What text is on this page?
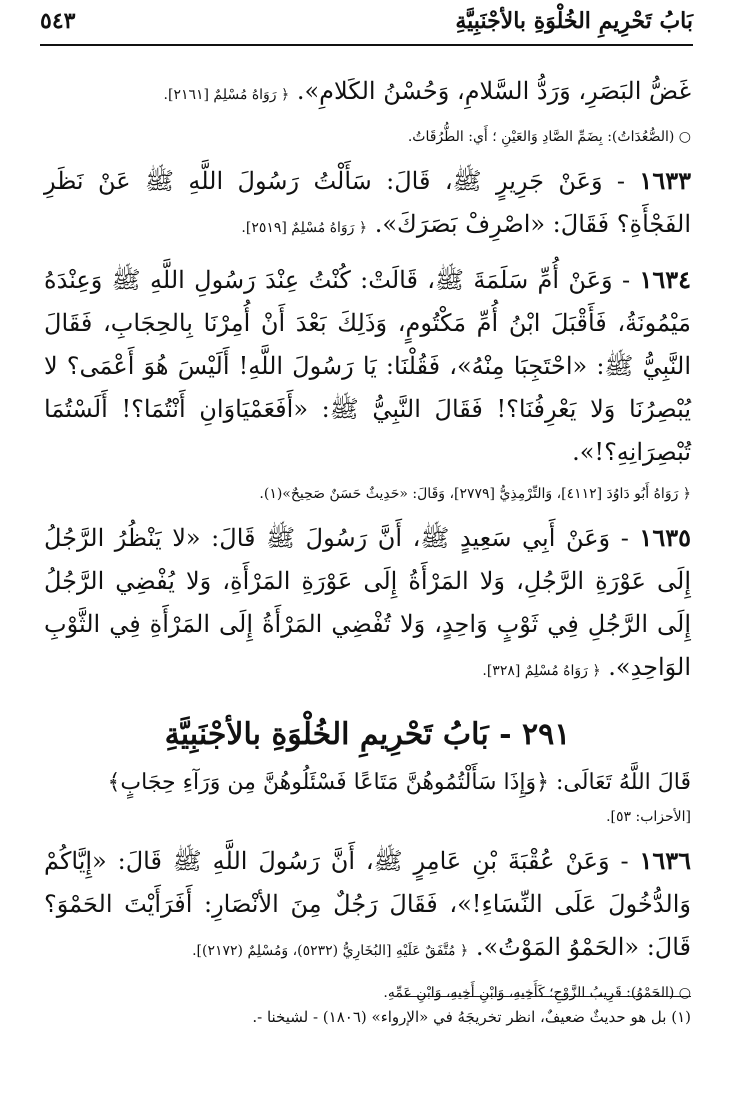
بَابُ تَحْرِيمِ الخُلْوَةِ بالأجْنَبِيَّةِ
٥٤٣

غَضُّ البَصَرِ، وَرَدُّ السَّلامِ، وَحُسْنُ الكَلامِ». ﴿ رَوَاهُ مُسْلِمٌ [٢١٦١].

○ (الصُّعُدَاتُ): بِضَمِّ الصَّادِ وَالعَيْنِ ؛ أَي: الطُّرُقَاتُ.

١٦٣٣ - وَعَنْ جَرِيرٍ ﷺ، قَالَ: سَأَلْتُ رَسُولَ اللَّهِ ﷺ عَنْ نَظَرِ الفَجْأَةِ؟ فَقَالَ: «اصْرِفْ بَصَرَكَ». ﴿ رَوَاهُ مُسْلِمٌ [٢٥١٩].

١٦٣٤ - وَعَنْ أُمِّ سَلَمَةَ ﷺ، قَالَتْ: كُنْتُ عِنْدَ رَسُولِ اللَّهِ ﷺ وَعِنْدَهُ مَيْمُونَةُ، فَأَقْبَلَ ابْنُ أُمِّ مَكْتُومٍ، وَذَلِكَ بَعْدَ أَنْ أُمِرْنَا بِالحِجَابِ، فَقَالَ النَّبِيُّ ﷺ: «احْتَجِبَا مِنْهُ»، فَقُلْنَا: يَا رَسُولَ اللَّهِ! أَلَيْسَ هُوَ أَعْمَى؟ لا يُبْصِرُنَا وَلا يَعْرِفُنَا؟! فَقَالَ النَّبِيُّ ﷺ: «أَفَعَمْيَاوَانِ أَنْتُمَا؟! أَلَسْتُمَا تُبْصِرَانِهِ؟!».

﴿ رَوَاهُ أَبُو دَاوُدَ [٤١١٢]، وَالتِّرْمِذِيُّ [٢٧٧٩]، وَقَالَ: «حَدِيثٌ حَسَنٌ صَحِيحٌ»(١).

١٦٣٥ - وَعَنْ أَبِي سَعِيدٍ ﷺ، أَنَّ رَسُولَ ﷺ قَالَ: «لا يَنْظُرُ الرَّجُلُ إِلَى عَوْرَةِ الرَّجُلِ، وَلا المَرْأَةُ إِلَى عَوْرَةِ المَرْأَةِ، وَلا يُفْضِي الرَّجُلُ إِلَى الرَّجُلِ فِي ثَوْبٍ وَاحِدٍ، وَلا تُفْضِي المَرْأَةُ إِلَى المَرْأَةِ فِي الثَّوْبِ الوَاحِدِ». ﴿ رَوَاهُ مُسْلِمٌ [٣٢٨].

٢٩١ - بَابُ تَحْرِيمِ الخُلْوَةِ بالأجْنَبِيَّةِ

قَالَ اللَّهُ تَعَالَى: ﴿وَإِذَا سَأَلْتُمُوهُنَّ مَتَاعًا فَسْئَلُوهُنَّ مِن وَرَآءِ حِجَابٍ﴾

[الأحزاب: ٥٣].

١٦٣٦ - وَعَنْ عُقْبَةَ بْنِ عَامِرٍ ﷺ، أَنَّ رَسُولَ اللَّهِ ﷺ قَالَ: «إِيَّاكُمْ وَالدُّخُولَ عَلَى النِّسَاءِ!»، فَقَالَ رَجُلٌ مِنَ الأنْصَارِ: أَفَرَأَيْتَ الحَمْوَ؟ قَالَ: «الحَمْوُ المَوْتُ». ﴿ مُتَّفَقٌ عَلَيْهِ [البُخَارِيُّ (٥٢٣٢)، وَمُسْلِمٌ (٢١٧٢)].

○ (الحَمْوُ): قَرِيبُ الزَّوْجِ؛ كَأَخِيهِ، وَابْنِ أَخِيهِ، وَابْنِ عَمِّهِ.

(١) بل هو حديثٌ ضعيفٌ، انظر تخريجَهُ في «الإرواء» (١٨٠٦) - لشيخنا -.
